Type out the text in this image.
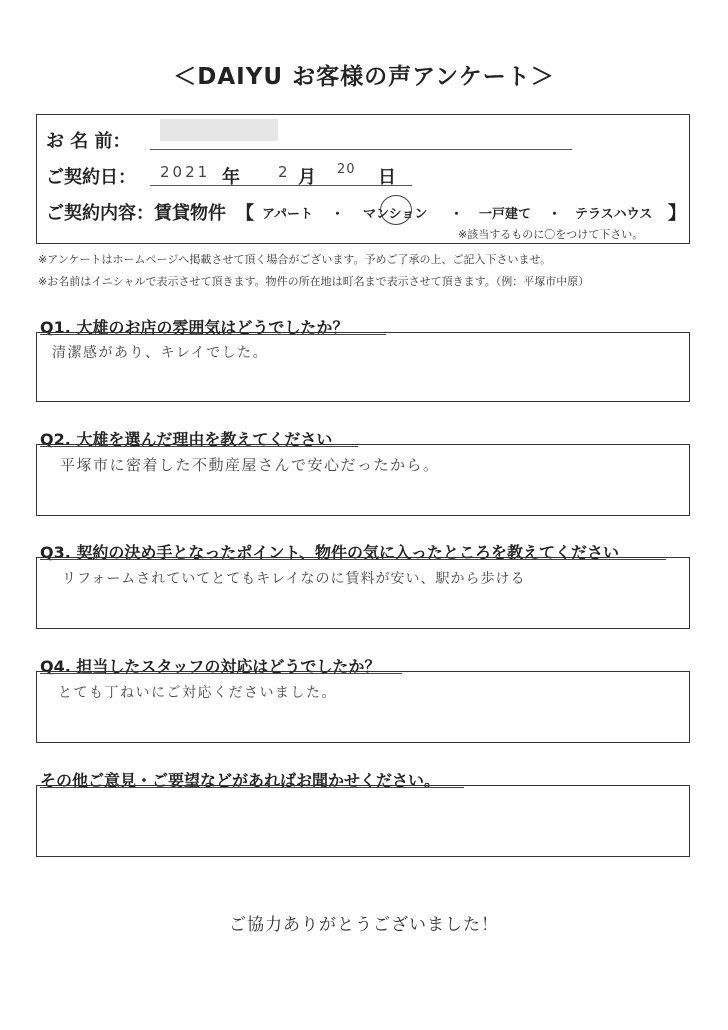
＜DAIYU お客様の声アンケート＞
お 名 前：
ご契約日： 2021 年	2 月 20 日
ご契約内容：賃貸物件 【 アパート ・ マンション ・ 一戸建て ・ テラスハウス 】
※該当するものに〇をつけて下さい。
※アンケートはホームページへ掲載させて頂く場合がございます。予めご了承の上、ご記入下さいませ。
※お名前はイニシャルで表示させて頂きます。物件の所在地は町名まで表示させて頂きます。（例：平塚市中原）
Q1. 大雄のお店の雰囲気はどうでしたか？
清潔感があり、キレイでした。
Q2. 大雄を選んだ理由を教えてください
平塚市に密着した不動産屋さんで安心だったから。
Q3. 契約の決め手となったポイント、物件の気に入ったところを教えてください
リフォームされていてとてもキレイなのに賃料が安い、駅から歩ける
Q4. 担当したスタッフの対応はどうでしたか？
とても丁ねいにご対応くださいました。
その他ご意見・ご要望などがあればお聞かせください。
ご協力ありがとうございました！
